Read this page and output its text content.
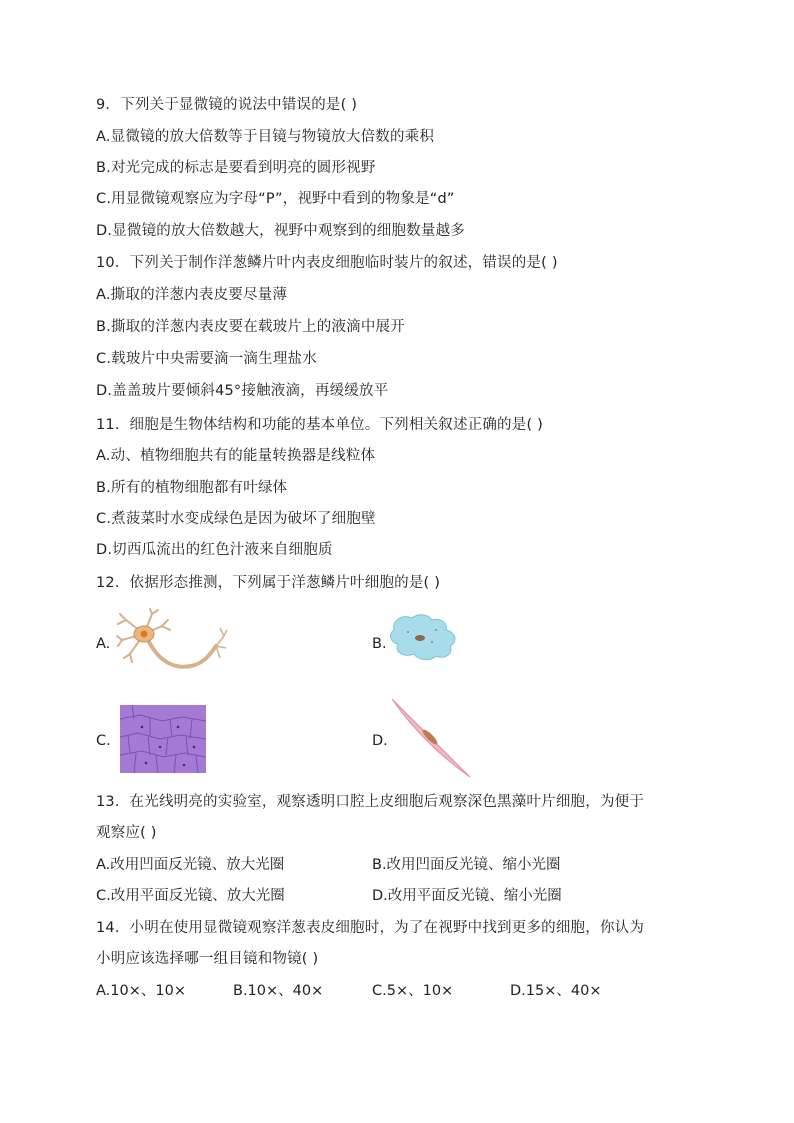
9．下列关于显微镜的说法中错误的是( )
A.显微镜的放大倍数等于目镜与物镜放大倍数的乘积
B.对光完成的标志是要看到明亮的圆形视野
C.用显微镜观察应为字母“P”，视野中看到的物象是“d”
D.显微镜的放大倍数越大，视野中观察到的细胞数量越多
10．下列关于制作洋葱鳞片叶内表皮细胞临时装片的叙述，错误的是( )
A.撕取的洋葱内表皮要尽量薄
B.撕取的洋葱内表皮要在载玻片上的液滴中展开
C.载玻片中央需要滴一滴生理盐水
D.盖盖玻片要倾斜45°接触液滴，再缓缓放平
11．细胞是生物体结构和功能的基本单位。下列相关叙述正确的是( )
A.动、植物细胞共有的能量转换器是线粒体
B.所有的植物细胞都有叶绿体
C.煮菠菜时水变成绿色是因为破坏了细胞壁
D.切西瓜流出的红色汁液来自细胞质
12．依据形态推测，下列属于洋葱鳞片叶细胞的是( )
A.	B.
C.	D.
13．在光线明亮的实验室，观察透明口腔上皮细胞后观察深色黑藻叶片细胞，为便于
观察应( )
A.改用凹面反光镜、放大光圈	B.改用凹面反光镜、缩小光圈
C.改用平面反光镜、放大光圈	D.改用平面反光镜、缩小光圈
14．小明在使用显微镜观察洋葱表皮细胞时，为了在视野中找到更多的细胞，你认为
小明应该选择哪一组目镜和物镜( )
A.10×、10×	B.10×、40×	C.5×、10×	D.15×、40×
